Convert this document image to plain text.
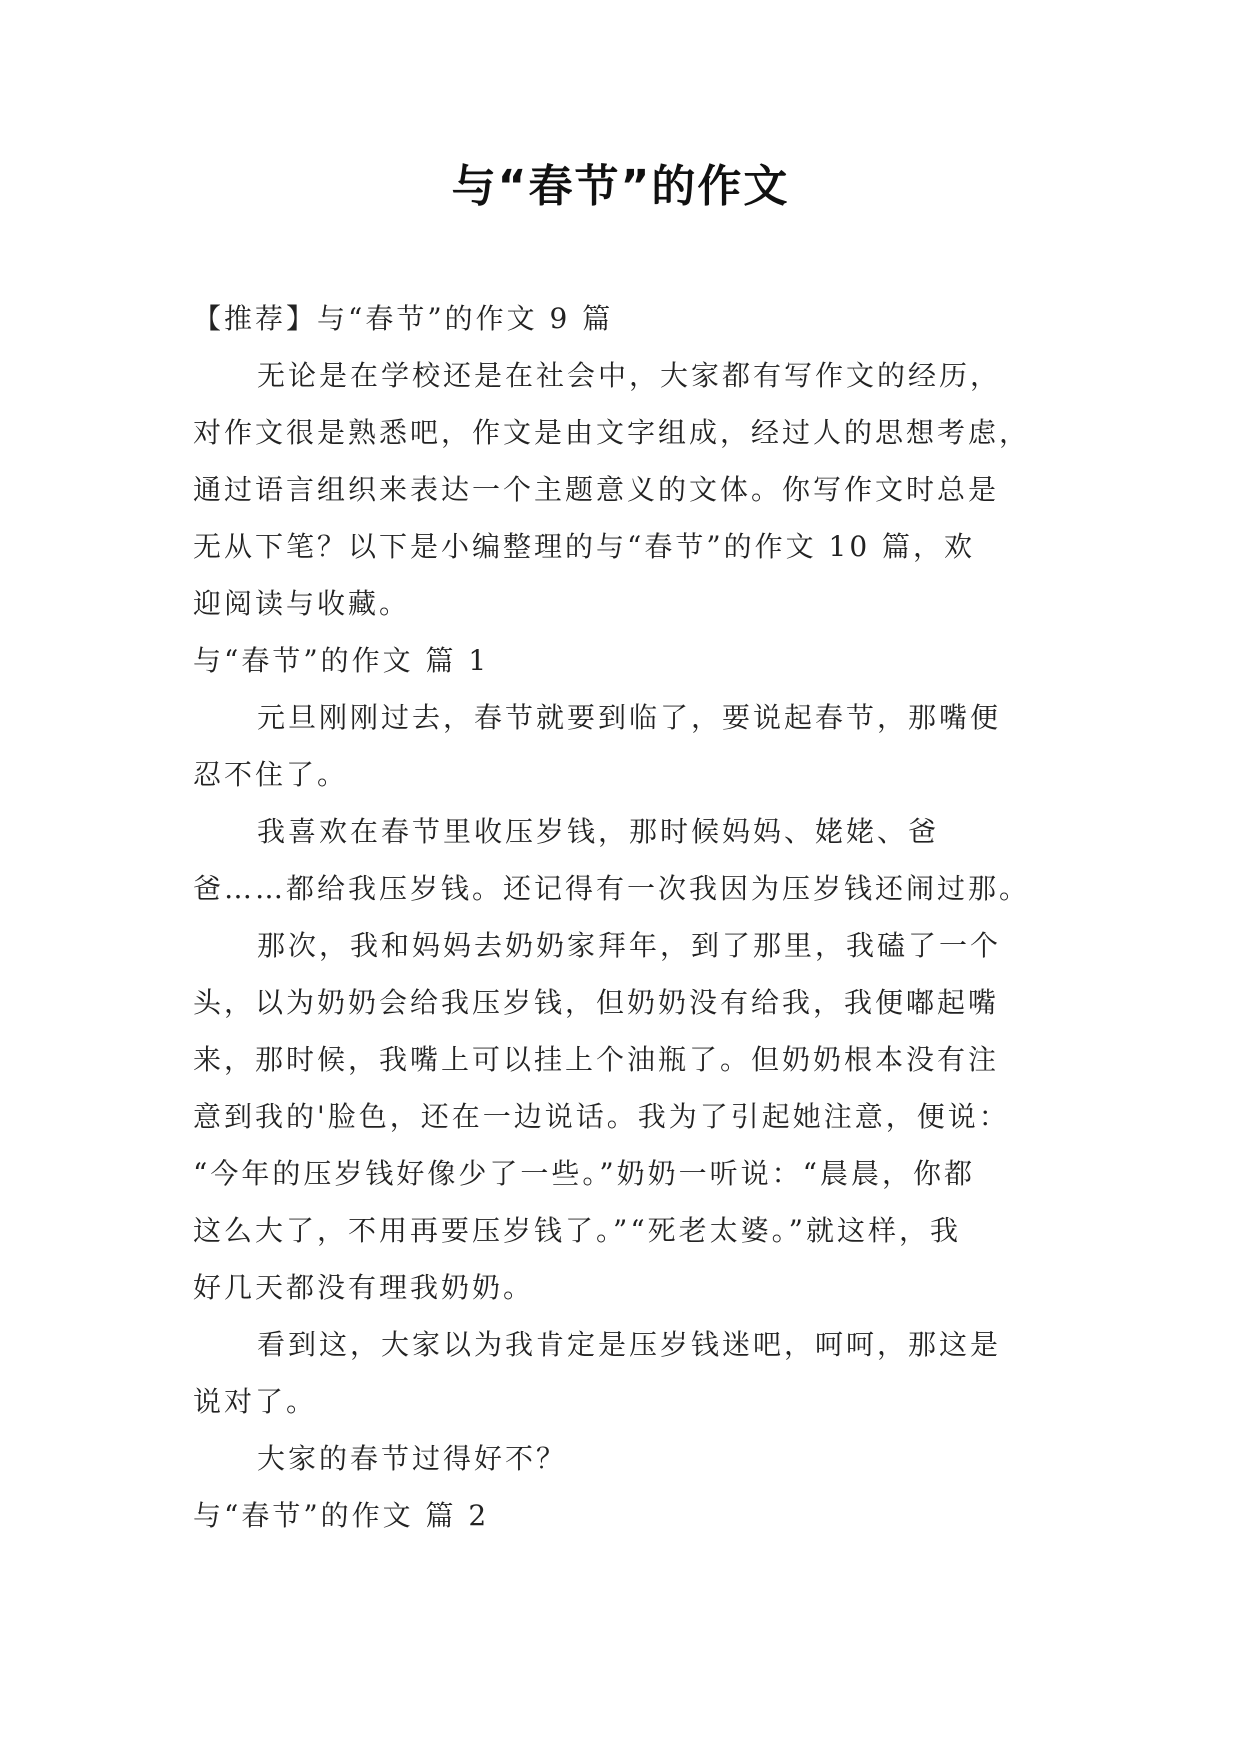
与“春节”的作文
【推荐】与“春节”的作文 9 篇
无论是在学校还是在社会中，大家都有写作文的经历，
对作文很是熟悉吧，作文是由文字组成，经过人的思想考虑，
通过语言组织来表达一个主题意义的文体。你写作文时总是
无从下笔？以下是小编整理的与“春节”的作文 10 篇，欢
迎阅读与收藏。
与“春节”的作文 篇 1
元旦刚刚过去，春节就要到临了，要说起春节，那嘴便
忍不住了。
我喜欢在春节里收压岁钱，那时候妈妈、姥姥、爸
爸……都给我压岁钱。还记得有一次我因为压岁钱还闹过那。
那次，我和妈妈去奶奶家拜年，到了那里，我磕了一个
头，以为奶奶会给我压岁钱，但奶奶没有给我，我便嘟起嘴
来，那时候，我嘴上可以挂上个油瓶了。但奶奶根本没有注
意到我的'脸色，还在一边说话。我为了引起她注意，便说：
“今年的压岁钱好像少了一些。”奶奶一听说：“晨晨，你都
这么大了，不用再要压岁钱了。”“死老太婆。”就这样，我
好几天都没有理我奶奶。
看到这，大家以为我肯定是压岁钱迷吧，呵呵，那这是
说对了。
大家的春节过得好不？
与“春节”的作文 篇 2
